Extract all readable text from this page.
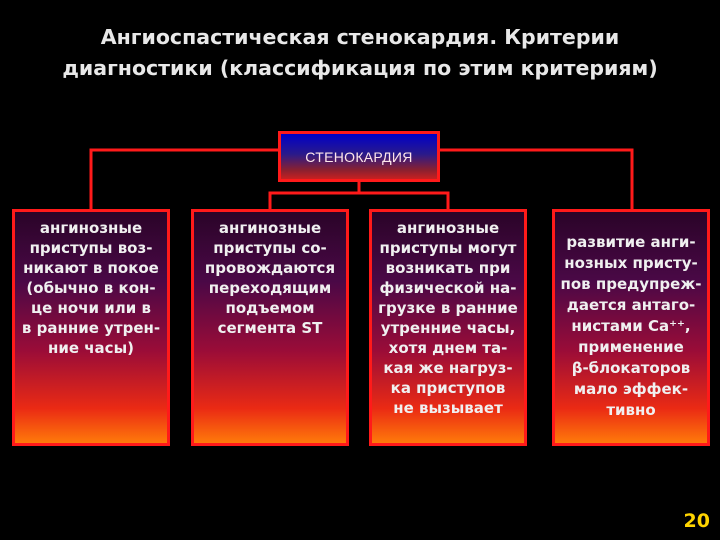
Ангиоспастическая стенокардия. Критерии
диагностики (классификация по этим критериям)
СТЕНОКАРДИЯ
ангинозные
приступы воз-
никают в покое
(обычно в кон-
це ночи или в
в ранние утрен-
ние часы)
ангинозные
приступы со-
провождаются
переходящим
подъемом
сегмента ST
ангинозные
приступы могут
возникать при
физической на-
грузке в ранние
утренние часы,
хотя днем та-
кая же нагруз-
ка приступов
не вызывает
развитие анги-
нозных присту-
пов предупреж-
дается антаго-
нистами Ca⁺⁺,
применение
β-блокаторов
мало эффек-
тивно
20
